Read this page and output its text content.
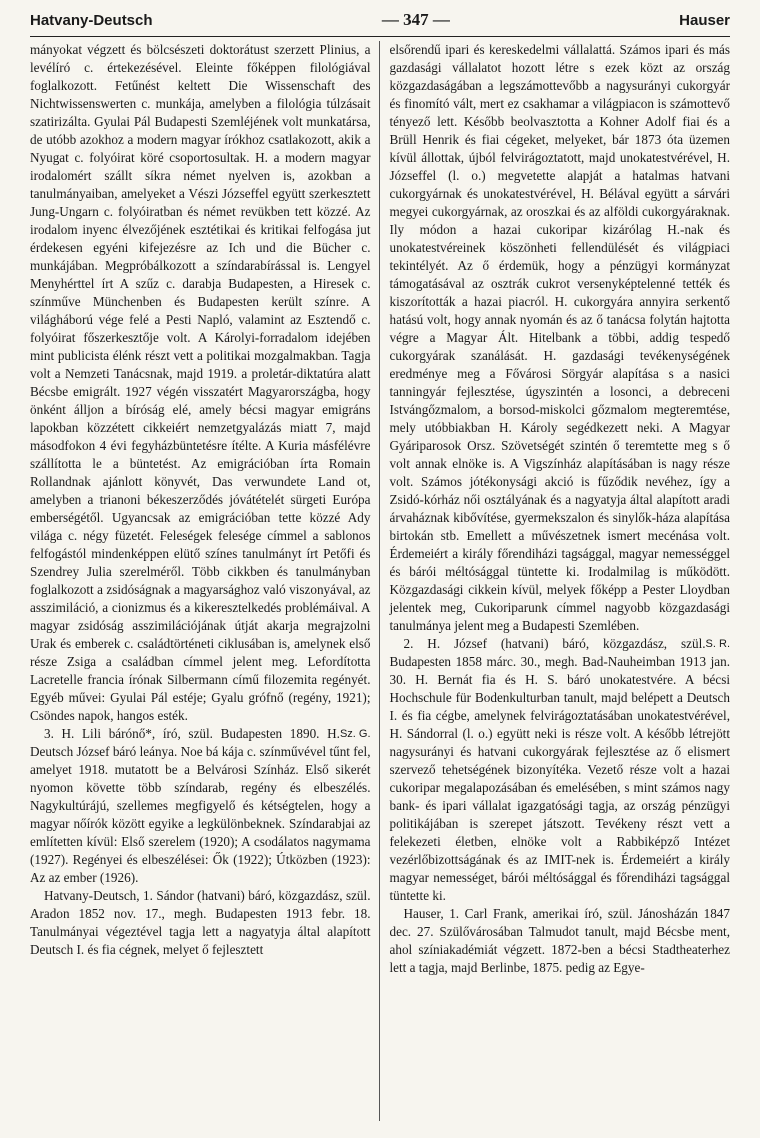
Hatvany-Deutsch	— 347 —	Hauser

mányokat végzett és bölcsészeti doktorátust szerzett Plinius, a levélíró c. értekezésével. Eleinte főképpen filológiával foglalkozott. Fetűnést keltett Die Wissenschaft des Nichtwissenswerten c. munkája, amelyben a filológia túlzásait szatirizálta. Gyulai Pál Budapesti Szemléjének volt munkatársa, de utóbb azokhoz a modern magyar írókhoz csatlakozott, akik a Nyugat c. folyóirat köré csoportosultak. H. a modern magyar irodalomért szállt síkra német nyelven is, azokban a tanulmányaiban, amelyeket a Vészi Józseffel együtt szerkesztett Jung-Ungarn c. folyóiratban és német revükben tett közzé. Az irodalom inyenc élvezőjének esztétikai és kritikai felfogása jut érdekesen egyéni kifejezésre az Ich und die Bücher c. munkájában. Megpróbálkozott a színdarabírással is. Lengyel Menyhérttel írt A szűz c. darabja Budapesten, a Hiresek c. színműve Münchenben és Budapesten került színre. A világháború vége felé a Pesti Napló, valamint az Esztendő c. folyóirat főszerkesztője volt. A Károlyi-forradalom idejében mint publicista élénk részt vett a politikai mozgalmakban. Tagja volt a Nemzeti Tanácsnak, majd 1919. a proletár-diktatúra alatt Bécsbe emigrált. 1927 végén visszatért Magyarországba, hogy önként álljon a bíróság elé, amely bécsi magyar emigráns lapokban közzétett cikkeiért nemzetgyalázás miatt 7, majd másodfokon 4 évi fegyházbüntetésre ítélte. A Kuria másfélévre szállította le a büntetést. Az emigrációban írta Romain Rollandnak ajánlott könyvét, Das verwundete Land ot, amelyben a trianoni békeszerződés jóvátételét sürgeti Európa emberségétől. Ugyancsak az emigrációban tette közzé Ady világa c. négy füzetét. Feleségek felesége címmel a sablonos felfogástól mindenképpen elütő színes tanulmányt írt Petőfi és Szendrey Julia szerelméről. Több cikkben és tanulmányban foglalkozott a zsidóságnak a magyarsághoz való viszonyával, az asszimiláció, a cionizmus és a kikeresztelkedés problémáival. A magyar zsidóság asszimilációjának útját akarja megrajzolni Urak és emberek c. családtörténeti ciklusában is, amelynek első része Zsiga a családban címmel jelent meg. Lefordította Lacretelle francia írónak Silbermann című filozemita regényét. Egyéb művei: Gyulai Pál estéje; Gyalu grófnő (regény, 1921); Csöndes napok, hangos esték.

Sz. G.

3. H. Lili bárónő*, író, szül. Budapesten 1890. H. Deutsch József báró leánya. Noe bá kája c. színművével tűnt fel, amelyet 1918. mutatott be a Belvárosi Színház. Első sikerét nyomon követte több színdarab, regény és elbeszélés. Nagykultúrájú, szellemes megfigyelő és kétségtelen, hogy a magyar nőírók között egyike a legkülönbeknek. Színdarabjai az említetten kívül: Első szerelem (1920); A csodálatos nagymama (1927). Regényei és elbeszélései: Ők (1922); Útközben (1923): Az az ember (1926).

Hatvany-Deutsch, 1. Sándor (hatvani) báró, közgazdász, szül. Aradon 1852 nov. 17., megh. Budapesten 1913 febr. 18. Tanulmányai végeztével tagja lett a nagyatyja által alapított Deutsch I. és fia cégnek, melyet ő fejlesztett

elsőrendű ipari és kereskedelmi vállalattá. Számos ipari és más gazdasági vállalatot hozott létre s ezek közt az ország közgazdaságában a legszámottevőbb a nagysurányi cukorgyár és finomító vált, mert ez csakhamar a világpiacon is számottevő tényező lett. Később beolvasztotta a Kohner Adolf fiai és a Brüll Henrik és fiai cégeket, melyeket, bár 1873 óta üzemen kívül állottak, újból felvirágoztatott, majd unokatestvérével, H. Józseffel (l. o.) megvetette alapját a hatalmas hatvani cukorgyárnak és unokatestvérével, H. Bélával együtt a sárvári megyei cukorgyárnak, az oroszkai és az alföldi cukorgyáraknak. Ily módon a hazai cukoripar kizárólag H.-nak és unokatestvéreinek köszönheti fellendülését és világpiaci tekintélyét. Az ő érdemük, hogy a pénzügyi kormányzat támogatásával az osztrák cukrot versenyképtelenné tették és kiszorították a hazai piacról. H. cukorgyára annyira serkentő hatású volt, hogy annak nyomán és az ő tanácsa folytán hajtotta végre a Magyar Ált. Hitelbank a többi, addig tespedő cukorgyárak szanálását. H. gazdasági tevékenységének eredménye meg a Fővárosi Sörgyár alapítása s a nasici tanningyár fejlesztése, úgyszintén a losonci, a debreceni Istvángőzmalom, a borsod-miskolci gőzmalom megteremtése, mely utóbbiakban H. Károly segédkezett neki. A Magyar Gyáriparosok Orsz. Szövetségét szintén ő teremtette meg s ő volt annak elnöke is. A Vigszínház alapításában is nagy része volt. Számos jótékonysági akció is fűződik nevéhez, így a Zsidó-kórház női osztályának és a nagyatyja által alapított aradi árvaháznak kibővítése, gyermekszalon és sinylők-háza alapítása birtokán stb. Emellett a művészetnek ismert mecénása volt. Érdemeiért a király főrendiházi tagsággal, magyar nemességgel és bárói méltósággal tüntette ki. Irodalmilag is működött. Közgazdasági cikkein kívül, melyek főképp a Pester Lloydban jelentek meg, Cukoriparunk címmel nagyobb közgazdasági tanulmánya jelent meg a Budapesti Szemlében.

S. R.

2. H. József (hatvani) báró, közgazdász, szül. Budapesten 1858 márc. 30., megh. Bad-Nauheimban 1913 jan. 30. H. Bernát fia és H. S. báró unokatestvére. A bécsi Hochschule für Bodenkulturban tanult, majd belépett a Deutsch I. és fia cégbe, amelynek felvirágoztatásában unokatestvérével, H. Sándorral (l. o.) együtt neki is része volt. A később létrejött nagysurányi és hatvani cukorgyárak fejlesztése az ő elismert szervező tehetségének bizonyítéka. Vezető része volt a hazai cukoripar megalapozásában és emelésében, s mint számos nagy bank- és ipari vállalat igazgatósági tagja, az ország pénzügyi politikájában is szerepet játszott. Tevékeny részt vett a felekezeti életben, elnöke volt a Rabbiképző Intézet vezérlőbizottságának és az IMIT-nek is. Érdemeiért a király magyar nemességet, bárói méltósággal és főrendiházi tagsággal tüntette ki.

Hauser, 1. Carl Frank, amerikai író, szül. Jánosházán 1847 dec. 27. Szülővárosában Talmudot tanult, majd Bécsbe ment, ahol színiakadémiát végzett. 1872-ben a bécsi Stadtheaterhez lett a tagja, majd Berlinbe, 1875. pedig az Egye-
